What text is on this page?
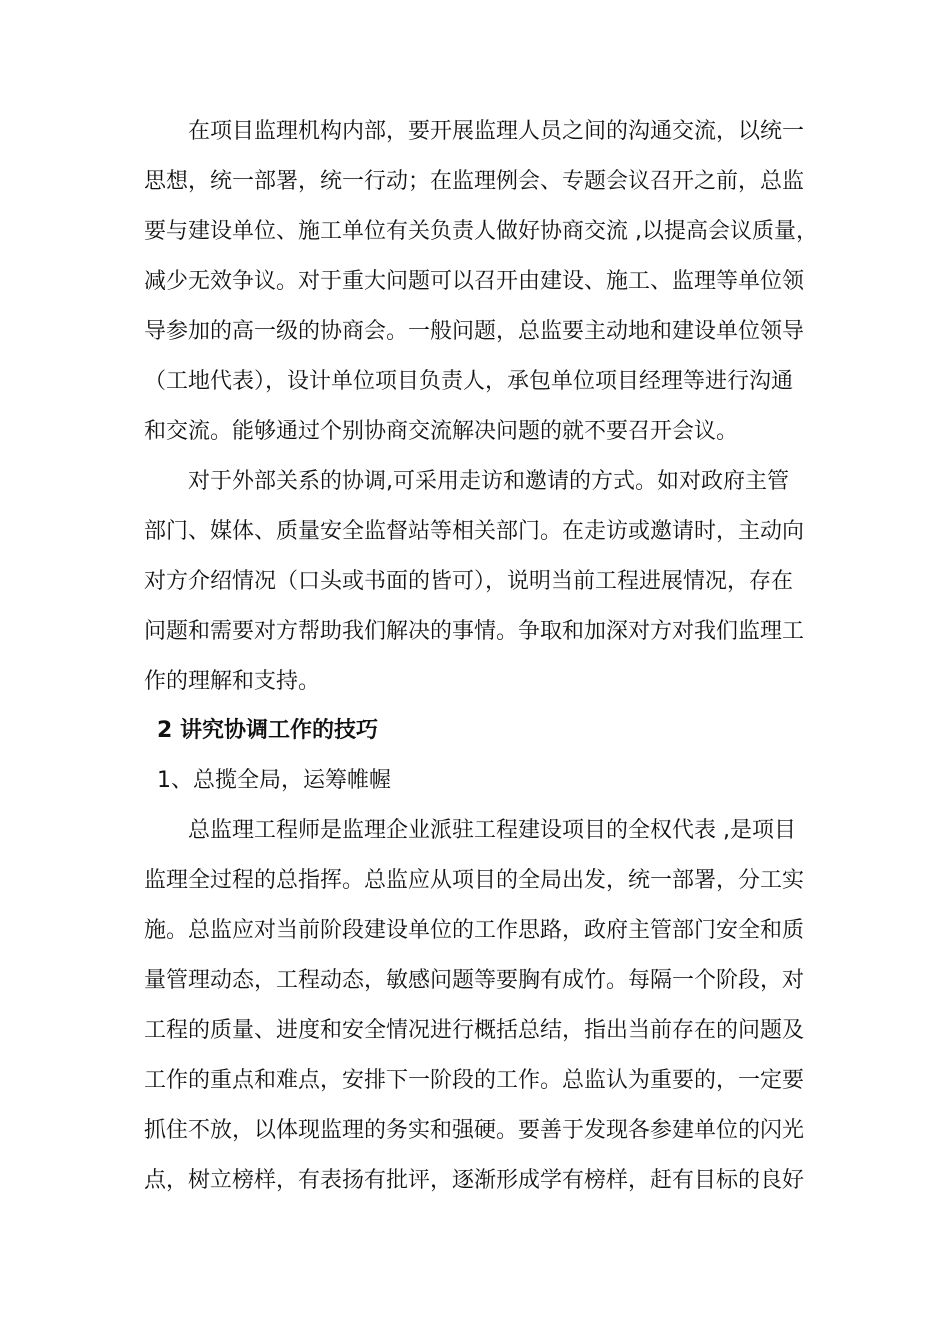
在项目监理机构内部，要开展监理人员之间的沟通交流，以统一
思想，统一部署，统一行动；在监理例会、专题会议召开之前，总监
要与建设单位、施工单位有关负责人做好协商交流 ,以提高会议质量，
减少无效争议。对于重大问题可以召开由建设、施工、监理等单位领
导参加的高一级的协商会。一般问题，总监要主动地和建设单位领导
（工地代表），设计单位项目负责人，承包单位项目经理等进行沟通
和交流。能够通过个别协商交流解决问题的就不要召开会议。
对于外部关系的协调,可采用走访和邀请的方式。如对政府主管
部门、媒体、质量安全监督站等相关部门。在走访或邀请时，主动向
对方介绍情况（口头或书面的皆可），说明当前工程进展情况，存在
问题和需要对方帮助我们解决的事情。争取和加深对方对我们监理工
作的理解和支持。
2 讲究协调工作的技巧
1、总揽全局，运筹帷幄
总监理工程师是监理企业派驻工程建设项目的全权代表 ,是项目
监理全过程的总指挥。总监应从项目的全局出发，统一部署，分工实
施。总监应对当前阶段建设单位的工作思路，政府主管部门安全和质
量管理动态，工程动态，敏感问题等要胸有成竹。每隔一个阶段，对
工程的质量、进度和安全情况进行概括总结，指出当前存在的问题及
工作的重点和难点，安排下一阶段的工作。总监认为重要的，一定要
抓住不放，以体现监理的务实和强硬。要善于发现各参建单位的闪光
点，树立榜样，有表扬有批评，逐渐形成学有榜样，赶有目标的良好
